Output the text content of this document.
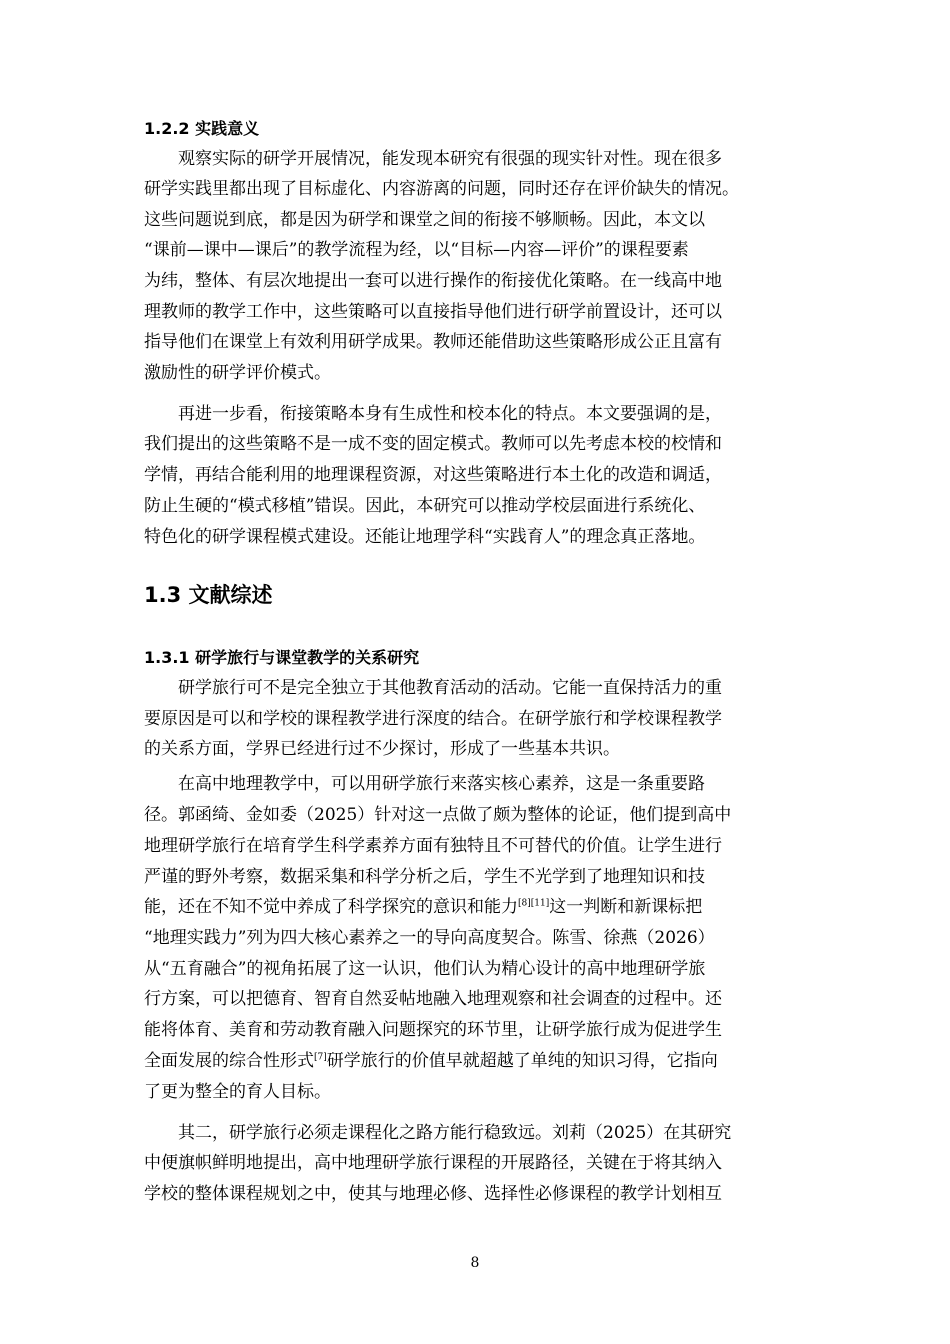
1.2.2 实践意义
观察实际的研学开展情况，能发现本研究有很强的现实针对性。现在很多
研学实践里都出现了目标虚化、内容游离的问题，同时还存在评价缺失的情况。
这些问题说到底，都是因为研学和课堂之间的衔接不够顺畅。因此，本文以
“课前—课中—课后”的教学流程为经，以“目标—内容—评价”的课程要素
为纬，整体、有层次地提出一套可以进行操作的衔接优化策略。在一线高中地
理教师的教学工作中，这些策略可以直接指导他们进行研学前置设计，还可以
指导他们在课堂上有效利用研学成果。教师还能借助这些策略形成公正且富有
激励性的研学评价模式。
再进一步看，衔接策略本身有生成性和校本化的特点。本文要强调的是，
我们提出的这些策略不是一成不变的固定模式。教师可以先考虑本校的校情和
学情，再结合能利用的地理课程资源，对这些策略进行本土化的改造和调适，
防止生硬的“模式移植”错误。因此，本研究可以推动学校层面进行系统化、
特色化的研学课程模式建设。还能让地理学科“实践育人”的理念真正落地。
1.3 文献综述
1.3.1 研学旅行与课堂教学的关系研究
研学旅行可不是完全独立于其他教育活动的活动。它能一直保持活力的重
要原因是可以和学校的课程教学进行深度的结合。在研学旅行和学校课程教学
的关系方面，学界已经进行过不少探讨，形成了一些基本共识。
在高中地理教学中，可以用研学旅行来落实核心素养，这是一条重要路
径。郭函绮、金如委（2025）针对这一点做了颇为整体的论证，他们提到高中
地理研学旅行在培育学生科学素养方面有独特且不可替代的价值。让学生进行
严谨的野外考察，数据采集和科学分析之后，学生不光学到了地理知识和技
能，还在不知不觉中养成了科学探究的意识和能力[8][11]这一判断和新课标把
“地理实践力”列为四大核心素养之一的导向高度契合。陈雪、徐燕（2026）
从“五育融合”的视角拓展了这一认识，他们认为精心设计的高中地理研学旅
行方案，可以把德育、智育自然妥帖地融入地理观察和社会调查的过程中。还
能将体育、美育和劳动教育融入问题探究的环节里，让研学旅行成为促进学生
全面发展的综合性形式[7]研学旅行的价值早就超越了单纯的知识习得，它指向
了更为整全的育人目标。
其二，研学旅行必须走课程化之路方能行稳致远。刘莉（2025）在其研究
中便旗帜鲜明地提出，高中地理研学旅行课程的开展路径，关键在于将其纳入
学校的整体课程规划之中，使其与地理必修、选择性必修课程的教学计划相互
8
